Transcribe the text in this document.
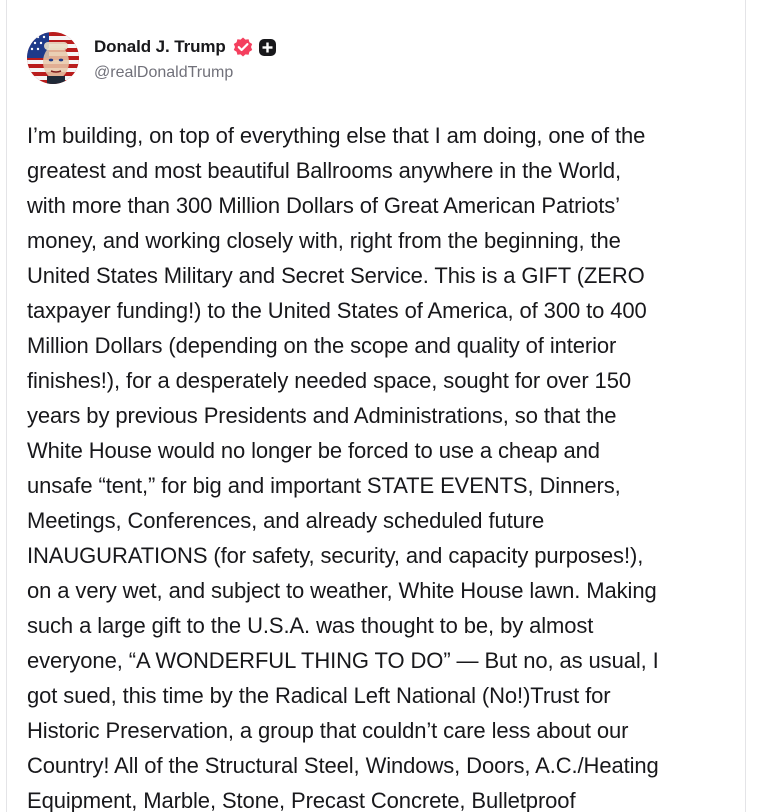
Donald J. Trump
@realDonaldTrump
I’m building, on top of everything else that I am doing, one of the
greatest and most beautiful Ballrooms anywhere in the World,
with more than 300 Million Dollars of Great American Patriots’
money, and working closely with, right from the beginning, the
United States Military and Secret Service. This is a GIFT (ZERO
taxpayer funding!) to the United States of America, of 300 to 400
Million Dollars (depending on the scope and quality of interior
finishes!), for a desperately needed space, sought for over 150
years by previous Presidents and Administrations, so that the
White House would no longer be forced to use a cheap and
unsafe “tent,” for big and important STATE EVENTS, Dinners,
Meetings, Conferences, and already scheduled future
INAUGURATIONS (for safety, security, and capacity purposes!),
on a very wet, and subject to weather, White House lawn. Making
such a large gift to the U.S.A. was thought to be, by almost
everyone, “A WONDERFUL THING TO DO” — But no, as usual, I
got sued, this time by the Radical Left National (No!)Trust for
Historic Preservation, a group that couldn’t care less about our
Country! All of the Structural Steel, Windows, Doors, A.C./Heating
Equipment, Marble, Stone, Precast Concrete, Bulletproof
